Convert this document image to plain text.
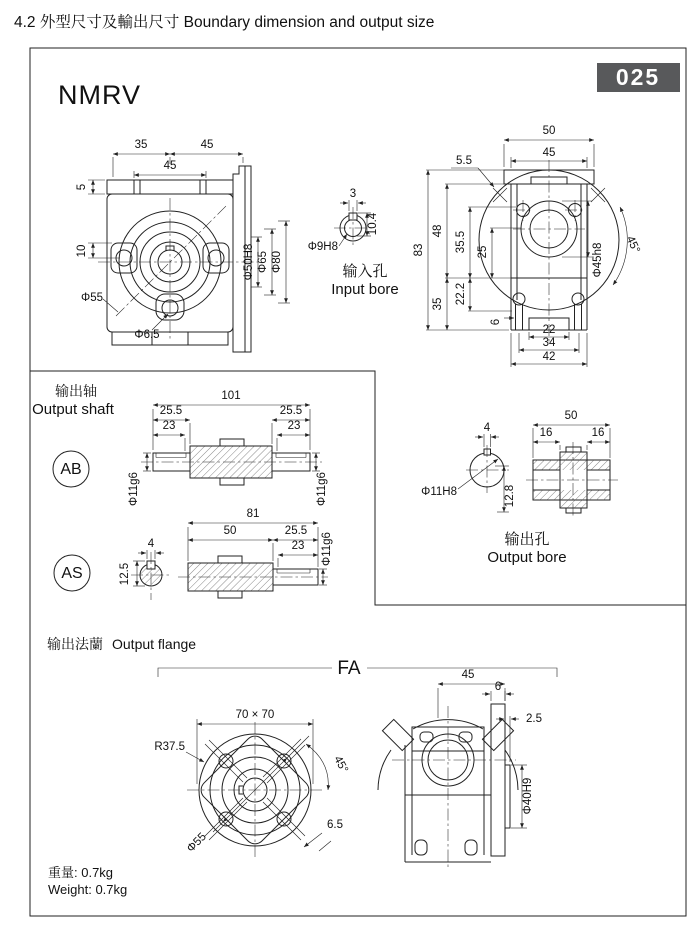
4.2 外型尺寸及輸出尺寸 Boundary dimension and output size
NMRV
025
35	45
45
5
10
Φ55
Φ6.5
Φ50H8 Φ65 Φ80
3
10.4
Φ9H8
输入孔
Input bore
50
45
5.5
45°
83
48
35
35.5
22.2
25
6
22
34
42
Φ45h8
输出轴
Output shaft
AB
101
25.5	25.5
23	23
Φ11g6	Φ11g6
AS
4
12.5
81
50	25.5
23 Φ11g6
4
Φ11H8	12.8
50
16	16
输出孔
Output bore
输出法蘭 Output flange
FA
70 × 70
R37.5
45°
Φ55
6.5
45
6
2.5
Φ40H9
重量: 0.7kg
Weight: 0.7kg
